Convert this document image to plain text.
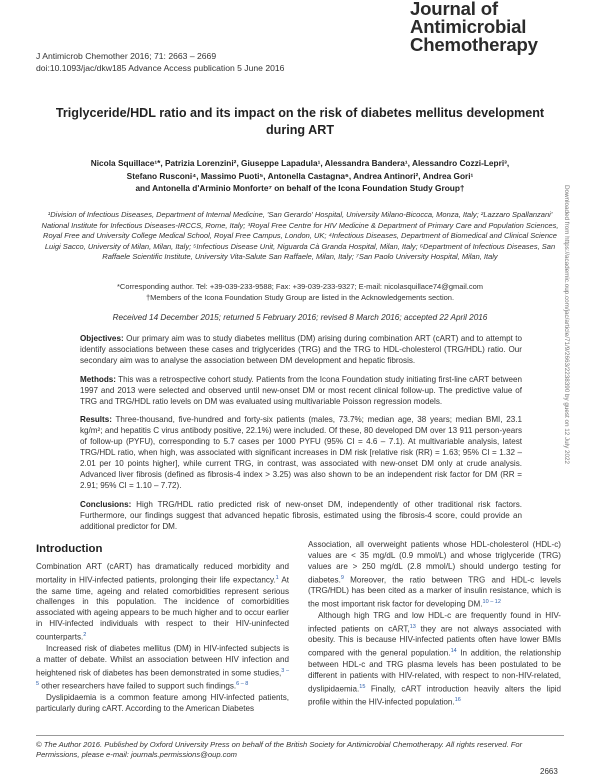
J Antimicrob Chemother 2016; 71: 2663 – 2669
doi:10.1093/jac/dkw185 Advance Access publication 5 June 2016
Journal of
Antimicrobial
Chemotherapy
Triglyceride/HDL ratio and its impact on the risk of diabetes mellitus development during ART
Nicola Squillace¹*, Patrizia Lorenzini², Giuseppe Lapadula¹, Alessandra Bandera¹, Alessandro Cozzi-Lepri³,
Stefano Rusconi⁴, Massimo Puoti⁵, Antonella Castagna⁶, Andrea Antinori², Andrea Gori¹
and Antonella d'Arminio Monforte⁷ on behalf of the Icona Foundation Study Group†
¹Division of Infectious Diseases, Department of Internal Medicine, 'San Gerardo' Hospital, University Milano-Bicocca, Monza, Italy; ²Lazzaro Spallanzani' National Institute for Infectious Diseases-IRCCS, Rome, Italy; ³Royal Free Centre for HIV Medicine & Department of Primary Care and Population Sciences, Royal Free and University College Medical School, Royal Free Campus, London, UK; ⁴Infectious Diseases, Department of Biomedical and Clinical Science Luigi Sacco, University of Milan, Milan, Italy; ⁵Infectious Disease Unit, Niguarda Cà Granda Hospital, Milan, Italy; ⁶Department of Infectious Diseases, San Raffaele Scientific Institute, University Vita-Salute San Raffaele, Milan, Italy; ⁷San Paolo University Hospital, Milan, Italy
*Corresponding author. Tel: +39-039-233-9588; Fax: +39-039-233-9327; E-mail: nicolasquillace74@gmail.com
†Members of the Icona Foundation Study Group are listed in the Acknowledgements section.
Received 14 December 2015; returned 5 February 2016; revised 8 March 2016; accepted 22 April 2016

Objectives: Our primary aim was to study diabetes mellitus (DM) arising during combination ART (cART) and to attempt to identify associations between these cases and triglycerides (TRG) and the TRG to HDL-cholesterol (TRG/HDL) ratio. Our secondary aim was to analyse the association between DM development and hepatic fibrosis.

Methods: This was a retrospective cohort study. Patients from the Icona Foundation study initiating first-line cART between 1997 and 2013 were selected and observed until new-onset DM or most recent clinical follow-up. The predictive value of TRG and TRG/HDL ratio levels on DM was evaluated using multivariable Poisson regression models.

Results: Three-thousand, five-hundred and forty-six patients (males, 73.7%; median age, 38 years; median BMI, 23.1 kg/m²; and hepatitis C virus antibody positive, 22.1%) were included. Of these, 80 developed DM over 13 911 person-years of follow-up (PYFU), corresponding to 5.7 cases per 1000 PYFU (95% CI = 4.6 – 7.1). At multivariable analysis, latest TRG/HDL ratio, when high, was associated with significant increases in DM risk [relative risk (RR) = 1.63; 95% CI = 1.32 – 2.01 per 10 points higher], while current TRG, in contrast, was associated with new-onset DM only at crude analysis. Advanced liver fibrosis (defined as fibrosis-4 index > 3.25) was also shown to be an independent risk factor for DM (RR = 2.91; 95% CI = 1.10 – 7.72).

Conclusions: High TRG/HDL ratio predicted risk of new-onset DM, independently of other traditional risk factors. Furthermore, our findings suggest that advanced hepatic fibrosis, estimated using the fibrosis-4 score, could provide an additional predictor for DM.

Introduction

Combination ART (cART) has dramatically reduced morbidity and mortality in HIV-infected patients, prolonging their life expectancy.$^1$ At the same time, ageing and related comorbidities represent serious challenges in this population. The incidence of comorbidities associated with ageing appears to be much higher and to occur earlier in HIV-infected individuals with respect to their HIV-uninfected counterparts.$^2$

Increased risk of diabetes mellitus (DM) in HIV-infected subjects is a matter of debate. Whilst an association between HIV infection and heightened risk of diabetes has been demonstrated in some studies,$^{3 - 5}$ other researchers have failed to support such findings.$^{6 - 8}$

Dyslipidaemia is a common feature among HIV-infected patients, particularly during cART. According to the American Diabetes

Association, all overweight patients whose HDL-cholesterol (HDL-c) values are < 35 mg/dL (0.9 mmol/L) and whose triglyceride (TRG) values are > 250 mg/dL (2.8 mmol/L) should undergo testing for diabetes.$^9$ Moreover, the ratio between TRG and HDL-c levels (TRG/HDL) has been cited as a marker of insulin resistance, which is the most important risk factor for developing DM.$^{10 - 12}$

Although high TRG and low HDL-c are frequently found in HIV-infected patients on cART,$^{13}$ they are not always associated with obesity. This is because HIV-infected patients often have lower BMIs compared with the general population.$^{14}$ In addition, the relationship between HDL-c and TRG plasma levels has been postulated to be different in patients with HIV-related, with respect to non-HIV-related, dyslipidaemia.$^{15}$ Finally, cART introduction heavily alters the lipid profile within the HIV-infected population.$^{16}$

© The Author 2016. Published by Oxford University Press on behalf of the British Society for Antimicrobial Chemotherapy. All rights reserved. For Permissions, please e-mail: journals.permissions@oup.com
2663
Downloaded from https://academic.oup.com/jac/article/71/9/2663/2238390 by guest on 12 July 2022
